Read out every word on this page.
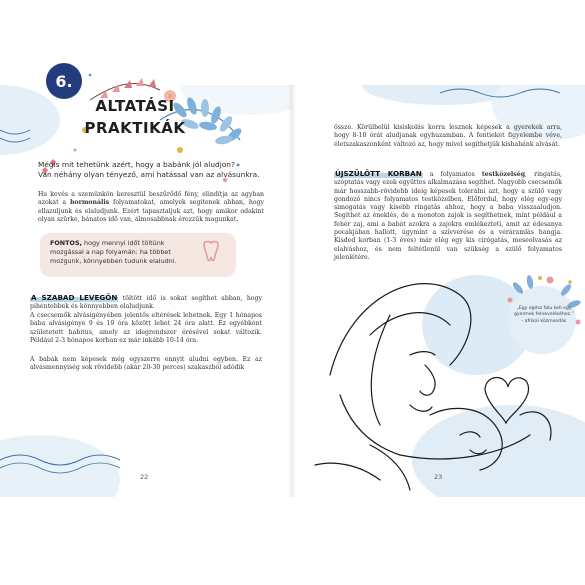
6.
ALTATÁSI
PRAKTIKÁK
Mégis mit tehetünk azért, hogy a babánk jól aludjon?
Van néhány olyan tényező, ami hatással van az alvásunkra.
Ha kevés a szemünkön keresztül beszűrődő fény, elindítja az agyban azokat a hormonális folyamatokat, amelyek segítenek abban, hogy ellazuljunk és elaludjunk. Ezért tapasztaljuk azt, hogy amikor odakint olyan szürke, bánatos idő van, álmosabbnak érezzük magunkat.
FONTOS, hogy mennyi időt töltünk mozgással a nap folyamán: ha többet mozgunk, könnyebben tudunk elaludni.
A SZABAD LEVEGŐN töltött idő is sokat segíthet abban, hogy pihentebbek és könnyebben elaludjunk.
A csecsemők alvásigényében jelentős eltérések lehetnek. Egy 1 hónapos baba alvásigénye 9 és 19 óra között lehet 24 óra alatt. Ez egyébként születetett habitus, amely az idegrendszer érésével sokat változik. Például 2-3 hónapos korban ez már inkább 10-14 óra.
A babák nem képesek még egyszerre ennyit aludni egyben. Ez az alvásmennyiség sok rövidebb (akár 20-30 perces) szakaszból adódik
22
össze. Körülbelül kisiskolás korra lesznek képesek a gyerekek arra, hogy 8-10 órát aludjanak egyhuzamban. A fentieket figyelembe véve, életszakaszonként változó az, hogy mivel segíthetjük kisbabánk alvását.
ÚJSZÜLÖTT KORBAN a folyamatos testközelség, ringatás, szoptatás vagy ezek együttes alkalmazása segíthet. Nagyobb csecsemők már hosszabb-rövidebb ideig képesek tolerálni azt, hogy a szülő vagy gondozó nincs folyamatos testközelben. Előfordul, hogy elég egy-egy simogatás vagy kisebb ringatás ahhoz, hogy a baba visszaaludjon. Segíthet az éneklés, de a monoton zajok is segíthetnek, mint például a fehér zaj, ami a babát azokra a zajokra emlékezteti, amit az édesanya pocakjában hallott, úgymint a szívverése és a véráramlás hangja. Kisded korban (1-3 éves) már elég egy kis cirógatás, meseolvasás az elalváshoz, és nem feltétlenül van szükség a szülő folyamatos jelenlétére.
„Egy egész falu kell egy gyermek felneveléséhez.”
- afrikai közmondás
23
